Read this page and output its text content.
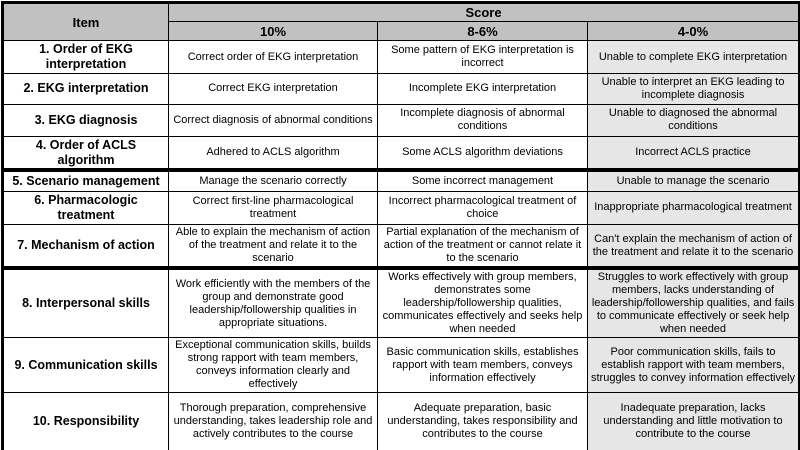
Item	Score		
	10%	8-6%	4-0%
1. Order of EKG interpretation	Correct order of EKG interpretation	Some pattern of EKG interpretation is incorrect	Unable to complete EKG interpretation
2. EKG interpretation	Correct EKG interpretation	Incomplete EKG interpretation	Unable to interpret an EKG leading to incomplete diagnosis
3. EKG diagnosis	Correct diagnosis of abnormal conditions	Incomplete diagnosis of abnormal conditions	Unable to diagnosed the abnormal conditions
4. Order of ACLS algorithm	Adhered to ACLS algorithm	Some ACLS algorithm deviations	Incorrect ACLS practice
5. Scenario management	Manage the scenario correctly	Some incorrect management	Unable to manage the scenario
6. Pharmacologic treatment	Correct first-line pharmacological treatment	Incorrect pharmacological treatment of choice	Inappropriate pharmacological treatment
7. Mechanism of action	Able to explain the mechanism of action of the treatment and relate it to the scenario	Partial explanation of the mechanism of action of the treatment or cannot relate it to the scenario	Can't explain the mechanism of action of the treatment and relate it to the scenario
8. Interpersonal skills	Work efficiently with the members of the group and demonstrate good leadership/followership qualities in appropriate situations.	Works effectively with group members, demonstrates some leadership/followership qualities, communicates effectively and seeks help when needed	Struggles to work effectively with group members, lacks understanding of leadership/followership qualities, and fails to communicate effectively or seek help when needed
9. Communication skills	Exceptional communication skills, builds strong rapport with team members, conveys information clearly and effectively	Basic communication skills, establishes rapport with team members, conveys information effectively	Poor communication skills, fails to establish rapport with team members, struggles to convey information effectively
10. Responsibility	Thorough preparation, comprehensive understanding, takes leadership role and actively contributes to the course	Adequate preparation, basic understanding, takes responsibility and contributes to the course	Inadequate preparation, lacks understanding and little motivation to contribute to the course
